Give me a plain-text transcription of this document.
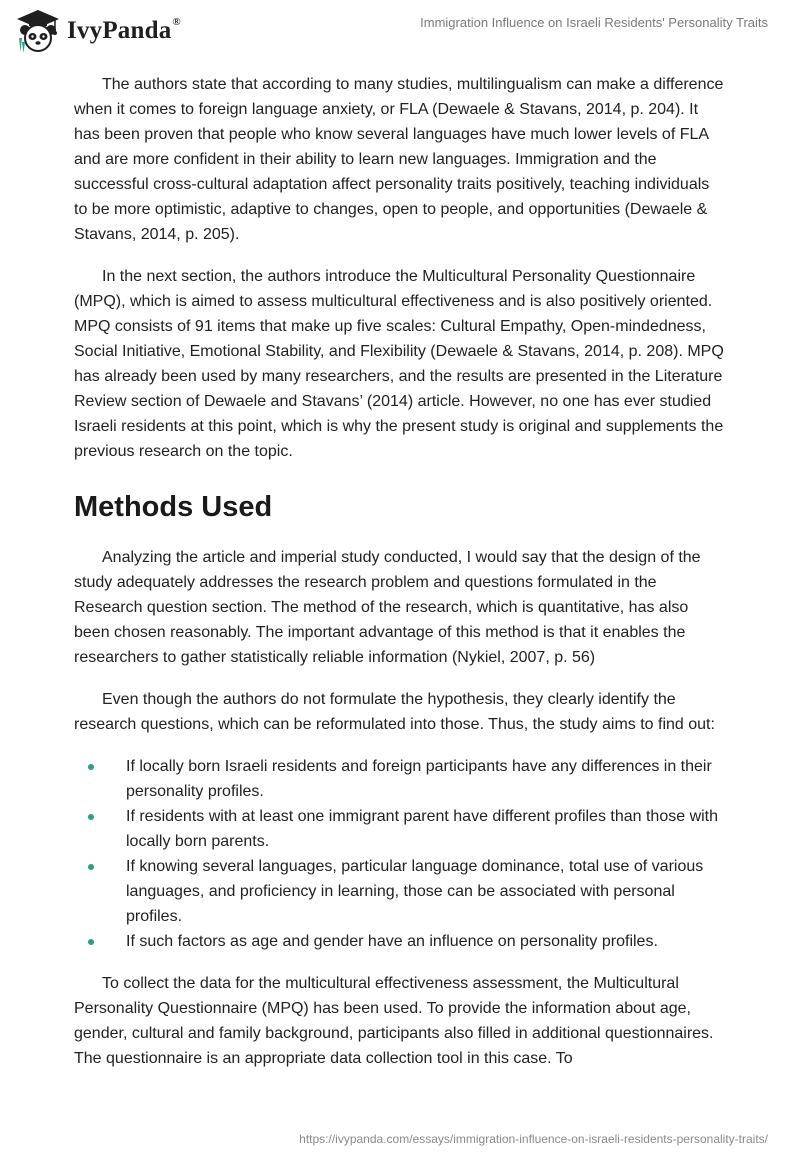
IvyPanda®	Immigration Influence on Israeli Residents' Personality Traits

The authors state that according to many studies, multilingualism can make a difference when it comes to foreign language anxiety, or FLA (Dewaele & Stavans, 2014, p. 204). It has been proven that people who know several languages have much lower levels of FLA and are more confident in their ability to learn new languages. Immigration and the successful cross-cultural adaptation affect personality traits positively, teaching individuals to be more optimistic, adaptive to changes, open to people, and opportunities (Dewaele & Stavans, 2014, p. 205).

In the next section, the authors introduce the Multicultural Personality Questionnaire (MPQ), which is aimed to assess multicultural effectiveness and is also positively oriented. MPQ consists of 91 items that make up five scales: Cultural Empathy, Open-mindedness, Social Initiative, Emotional Stability, and Flexibility (Dewaele & Stavans, 2014, p. 208). MPQ has already been used by many researchers, and the results are presented in the Literature Review section of Dewaele and Stavans’ (2014) article. However, no one has ever studied Israeli residents at this point, which is why the present study is original and supplements the previous research on the topic.

Methods Used

Analyzing the article and imperial study conducted, I would say that the design of the study adequately addresses the research problem and questions formulated in the Research question section. The method of the research, which is quantitative, has also been chosen reasonably. The important advantage of this method is that it enables the researchers to gather statistically reliable information (Nykiel, 2007, p. 56)

Even though the authors do not formulate the hypothesis, they clearly identify the research questions, which can be reformulated into those. Thus, the study aims to find out:

If locally born Israeli residents and foreign participants have any differences in their personality profiles.
If residents with at least one immigrant parent have different profiles than those with locally born parents.
If knowing several languages, particular language dominance, total use of various languages, and proficiency in learning, those can be associated with personal profiles.
If such factors as age and gender have an influence on personality profiles.

To collect the data for the multicultural effectiveness assessment, the Multicultural Personality Questionnaire (MPQ) has been used. To provide the information about age, gender, cultural and family background, participants also filled in additional questionnaires. The questionnaire is an appropriate data collection tool in this case. To

https://ivypanda.com/essays/immigration-influence-on-israeli-residents-personality-traits/
